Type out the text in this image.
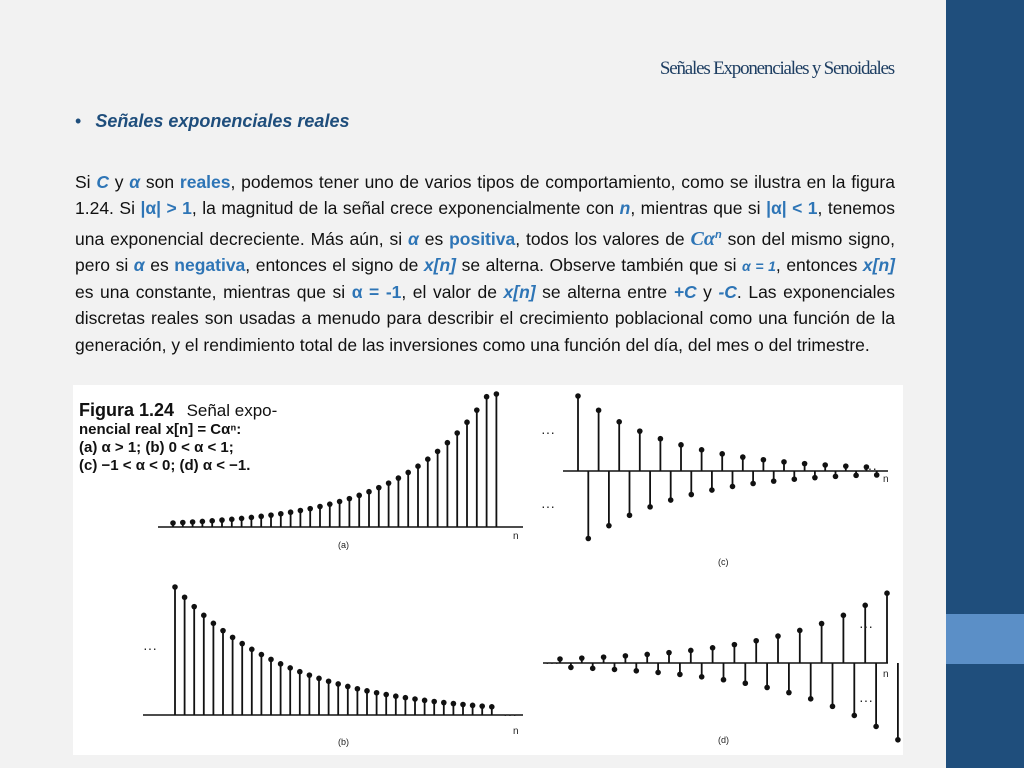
Señales Exponenciales y Senoidales
• Señales exponenciales reales
Si C y α son reales, podemos tener uno de varios tipos de comportamiento, como se ilustra en la figura 1.24. Si |α| > 1, la magnitud de la señal crece exponencialmente con n, mientras que si |α| < 1, tenemos una exponencial decreciente. Más aún, si α es positiva, todos los valores de $C\alpha^n$ son del mismo signo, pero si α es negativa, entonces el signo de x[n] se alterna. Observe también que si α = 1, entonces x[n] es una constante, mientras que si α = -1, el valor de x[n] se alterna entre +C y -C. Las exponenciales discretas reales son usadas a menudo para describir el crecimiento poblacional como una función de la generación, y el rendimiento total de las inversiones como una función del día, del mes o del trimestre.
(a)
n
(b)
n
···
···
(c)
n
···
···
···
(d)
n
···
···
···
Figura 1.24 Señal expo-
nencial real x[n] = Cαⁿ:
(a) α > 1; (b) 0 < α < 1;
(c) −1 < α < 0; (d) α < −1.
